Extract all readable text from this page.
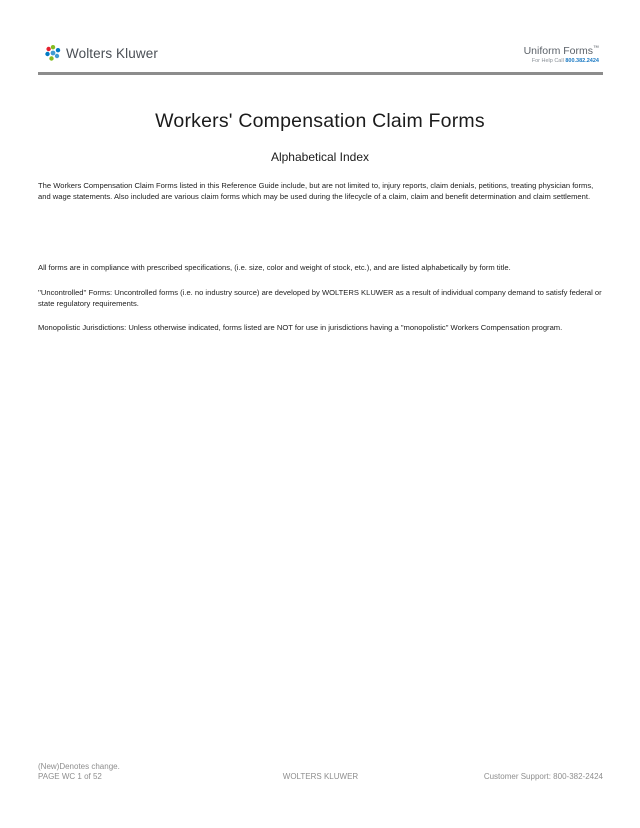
Wolters Kluwer	Uniform Forms™
For Help Call 800.382.2424
Workers' Compensation Claim Forms
Alphabetical Index
The Workers Compensation Claim Forms listed in this Reference Guide include, but are not limited to, injury reports, claim denials, petitions, treating physician forms, and wage statements. Also included are various claim forms which may be used during the lifecycle of a claim, claim and benefit determination and claim settlement.
All forms are in compliance with prescribed specifications, (i.e. size, color and weight of stock, etc.), and are listed alphabetically by form title.
''Uncontrolled'' Forms: Uncontrolled forms (i.e. no industry source) are developed by WOLTERS KLUWER as a result of individual company demand to satisfy federal or state regulatory requirements.
Monopolistic Jurisdictions: Unless otherwise indicated, forms listed are NOT for use in jurisdictions having a "monopolistic" Workers Compensation program.
(New)Denotes change.
PAGE WC 1 of 52	WOLTERS KLUWER	Customer Support: 800-382-2424
